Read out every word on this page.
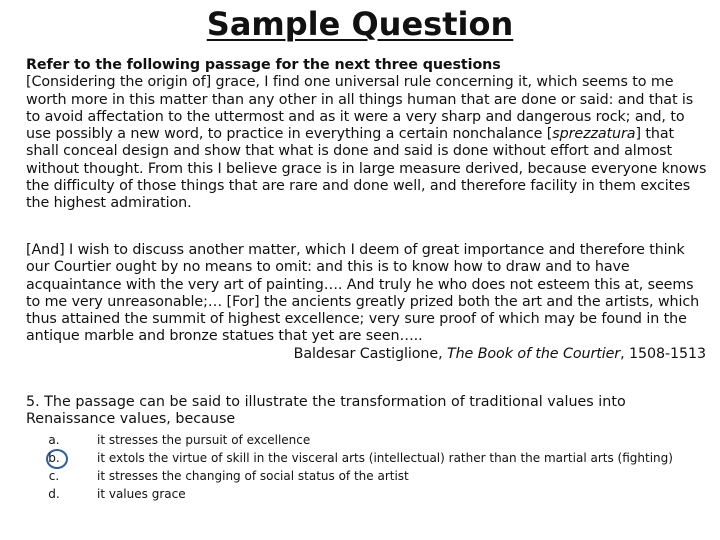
Sample Question
Refer to the following passage for the next three questions
[Considering the origin of] grace, I find one universal rule concerning it, which seems to me worth more in this matter than any other in all things human that are done or said: and that is to avoid affectation to the uttermost and as it were a very sharp and dangerous rock; and, to use possibly a new word, to practice in everything a certain nonchalance [sprezzatura] that shall conceal design and show that what is done and said is done without effort and almost without thought. From this I believe grace is in large measure derived, because everyone knows the difficulty of those things that are rare and done well, and therefore facility in them excites the highest admiration.
[And] I wish to discuss another matter, which I deem of great importance and therefore think our Courtier ought by no means to omit: and this is to know how to draw and to have acquaintance with the very art of painting…. And truly he who does not esteem this at, seems to me very unreasonable;… [For] the ancients greatly prized both the art and the artists, which thus attained the summit of highest excellence; very sure proof of which may be found in the antique marble and bronze statues that yet are seen…..
Baldesar Castiglione, The Book of the Courtier, 1508-1513
5. The passage can be said to illustrate the transformation of traditional values into Renaissance values, because
a.	it stresses the pursuit of excellence
b.	it extols the virtue of skill in the visceral arts (intellectual) rather than the martial arts (fighting)
c.	it stresses the changing of social status of the artist
d.	it values grace
